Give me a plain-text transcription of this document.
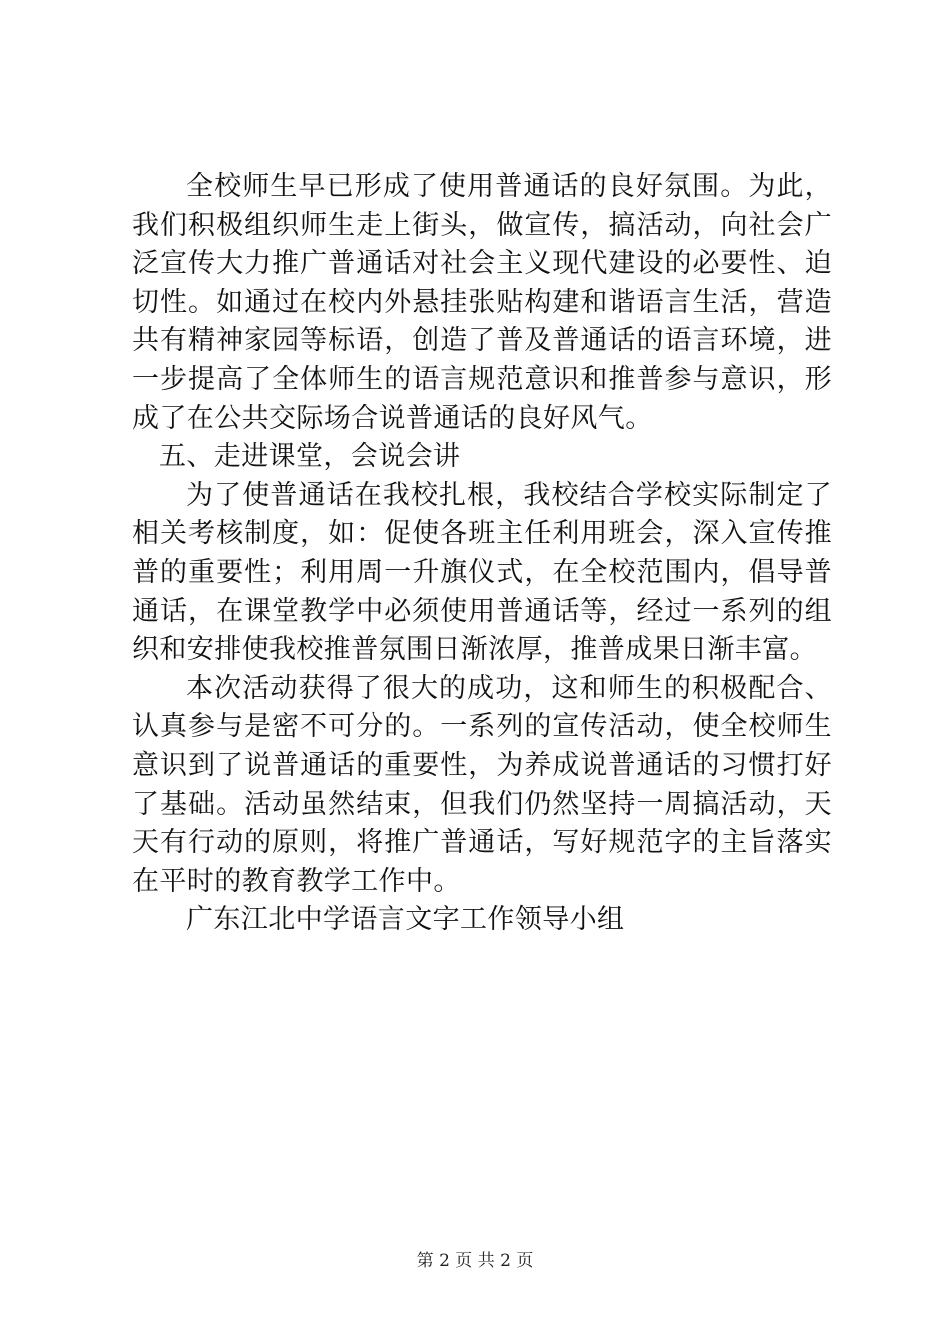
全校师生早已形成了使用普通话的良好氛围。为此，我们积极组织师生走上街头，做宣传，搞活动，向社会广泛宣传大力推广普通话对社会主义现代建设的必要性、迫切性。如通过在校内外悬挂张贴构建和谐语言生活，营造共有精神家园等标语，创造了普及普通话的语言环境，进一步提高了全体师生的语言规范意识和推普参与意识，形成了在公共交际场合说普通话的良好风气。

五、走进课堂，会说会讲

为了使普通话在我校扎根，我校结合学校实际制定了相关考核制度，如：促使各班主任利用班会，深入宣传推普的重要性；利用周一升旗仪式，在全校范围内，倡导普通话，在课堂教学中必须使用普通话等，经过一系列的组织和安排使我校推普氛围日渐浓厚，推普成果日渐丰富。

本次活动获得了很大的成功，这和师生的积极配合、认真参与是密不可分的。一系列的宣传活动，使全校师生意识到了说普通话的重要性，为养成说普通话的习惯打好了基础。活动虽然结束，但我们仍然坚持一周搞活动，天天有行动的原则，将推广普通话，写好规范字的主旨落实在平时的教育教学工作中。

广东江北中学语言文字工作领导小组

第 2 页 共 2 页
